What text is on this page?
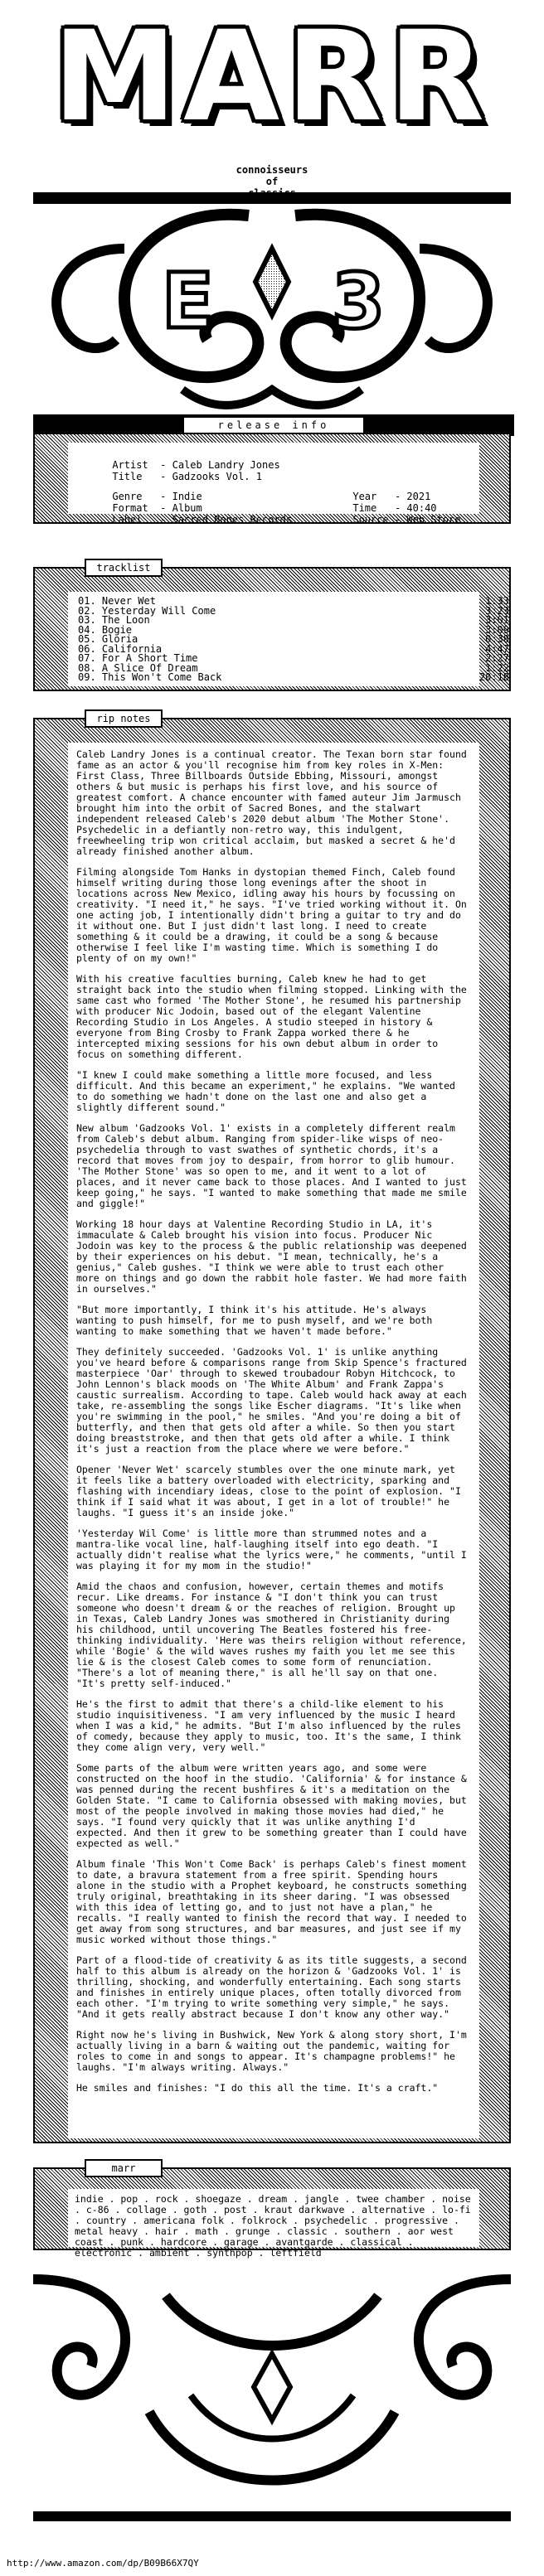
MARR
connoisseurs
of
E 3
release info

Artist  - Caleb Landry Jones

Title   - Gadzooks Vol. 1

Genre   - Indie

Format  - Album

Label   - Sacred Bones Records

Year   - 2021

Time   - 40:40

Source - Web Store

01. Never Wet	1:33
02. Yesterday Will Come	3:23
03. The Loon	3:01
04. Bogie	3:09
05. Gloria	0:38
06. California	4:47
07. For A Short Time	2:27
08. A Slice Of Dream	1:22
09. This Won't Come Back	20:18
tracklist

Caleb Landry Jones is a continual creator. The Texan born star found fame as an actor & you'll recognise him from key roles in X-Men: First Class, Three Billboards Outside Ebbing, Missouri, amongst others & but music is perhaps his first love, and his source of greatest comfort. A chance encounter with famed auteur Jim Jarmusch brought him into the orbit of Sacred Bones, and the stalwart independent released Caleb's 2020 debut album 'The Mother Stone'. Psychedelic in a defiantly non-retro way, this indulgent, freewheeling trip won critical acclaim, but masked a secret & he'd already finished another album.

Filming alongside Tom Hanks in dystopian themed Finch, Caleb found himself writing during those long evenings after the shoot in locations across New Mexico, idling away his hours by focussing on creativity. "I need it," he says. "I've tried working without it. On one acting job, I intentionally didn't bring a guitar to try and do it without one. But I just didn't last long. I need to create something & it could be a drawing, it could be a song & because otherwise I feel like I'm wasting time. Which is something I do plenty of on my own!"

With his creative faculties burning, Caleb knew he had to get straight back into the studio when filming stopped. Linking with the same cast who formed 'The Mother Stone', he resumed his partnership with producer Nic Jodoin, based out of the elegant Valentine Recording Studio in Los Angeles. A studio steeped in history & everyone from Bing Crosby to Frank Zappa worked there & he intercepted mixing sessions for his own debut album in order to focus on something different.

"I knew I could make something a little more focused, and less difficult. And this became an experiment," he explains. "We wanted to do something we hadn't done on the last one and also get a slightly different sound."

New album 'Gadzooks Vol. 1' exists in a completely different realm from Caleb's debut album. Ranging from spider-like wisps of neo-psychedelia through to vast swathes of synthetic chords, it's a record that moves from joy to despair, from horror to glib humour. 'The Mother Stone' was so open to me, and it went to a lot of places, and it never came back to those places. And I wanted to just keep going," he says. "I wanted to make something that made me smile and giggle!"

Working 18 hour days at Valentine Recording Studio in LA, it's immaculate & Caleb brought his vision into focus. Producer Nic Jodoin was key to the process & the public relationship was deepened by their experiences on his debut. "I mean, technically, he's a genius," Caleb gushes. "I think we were able to trust each other more on things and go down the rabbit hole faster. We had more faith in ourselves."

"But more importantly, I think it's his attitude. He's always wanting to push himself, for me to push myself, and we're both wanting to make something that we haven't made before."

They definitely succeeded. 'Gadzooks Vol. 1' is unlike anything you've heard before & comparisons range from Skip Spence's fractured masterpiece 'Oar' through to skewed troubadour Robyn Hitchcock, to John Lennon's black moods on 'The White Album' and Frank Zappa's caustic surrealism. According to tape. Caleb would hack away at each take, re-assembling the songs like Escher diagrams. "It's like when you're swimming in the pool," he smiles. "And you're doing a bit of butterfly, and then that gets old after a while. So then you start doing breaststroke, and then that gets old after a while. I think it's just a reaction from the place where we were before."

Opener 'Never Wet' scarcely stumbles over the one minute mark, yet it feels like a battery overloaded with electricity, sparking and flashing with incendiary ideas, close to the point of explosion. "I think if I said what it was about, I get in a lot of trouble!" he laughs. "I guess it's an inside joke."

'Yesterday Wil Come' is little more than strummed notes and a mantra-like vocal line, half-laughing itself into ego death. "I actually didn't realise what the lyrics were," he comments, "until I was playing it for my mom in the studio!"

Amid the chaos and confusion, however, certain themes and motifs recur. Like dreams. For instance & "I don't think you can trust someone who doesn't dream & or the reaches of religion. Brought up in Texas, Caleb Landry Jones was smothered in Christianity during his childhood, until uncovering The Beatles fostered his free-thinking individuality. 'Here was theirs religion without reference, while 'Bogie' & the wild waves rushes my faith you let me see this lie & is the closest Caleb comes to some form of renunciation. "There's a lot of meaning there," is all he'll say on that one. "It's pretty self-induced."

He's the first to admit that there's a child-like element to his studio inquisitiveness. "I am very influenced by the music I heard when I was a kid," he admits. "But I'm also influenced by the rules of comedy, because they apply to music, too. It's the same, I think they come align very, very well."

Some parts of the album were written years ago, and some were constructed on the hoof in the studio. 'California' & for instance & was penned during the recent bushfires & it's a meditation on the Golden State. "I came to California obsessed with making movies, but most of the people involved in making those movies had died," he says. "I found very quickly that it was unlike anything I'd expected. And then it grew to be something greater than I could have expected as well."

Album finale 'This Won't Come Back' is perhaps Caleb's finest moment to date, a bravura statement from a free spirit. Spending hours alone in the studio with a Prophet keyboard, he constructs something truly original, breathtaking in its sheer daring. "I was obsessed with this idea of letting go, and to just not have a plan," he recalls. "I really wanted to finish the record that way. I needed to get away from song structures, and bar measures, and just see if my music worked without those things."

Part of a flood-tide of creativity & as its title suggests, a second half to this album is already on the horizon & 'Gadzooks Vol. 1' is thrilling, shocking, and wonderfully entertaining. Each song starts and finishes in entirely unique places, often totally divorced from each other. "I'm trying to write something very simple," he says. "And it gets really abstract because I don't know any other way."

Right now he's living in Bushwick, New York & along story short, I'm actually living in a barn & waiting out the pandemic, waiting for roles to come in and songs to appear. It's champagne problems!" he laughs. "I'm always writing. Always."

He smiles and finishes: "I do this all the time. It's a craft."

rip notes
indie . pop . rock . shoegaze . dream . jangle . twee chamber . noise . c-86 . collage . goth . post . kraut darkwave . alternative . lo-fi . country . americana folk . folkrock . psychedelic . progressive . metal heavy . hair . math . grunge . classic . southern . aor west coast . punk . hardcore . garage . avantgarde . classical . electronic . ambient . synthpop . leftfield
marr
http://www.amazon.com/dp/B09B66X7QY
